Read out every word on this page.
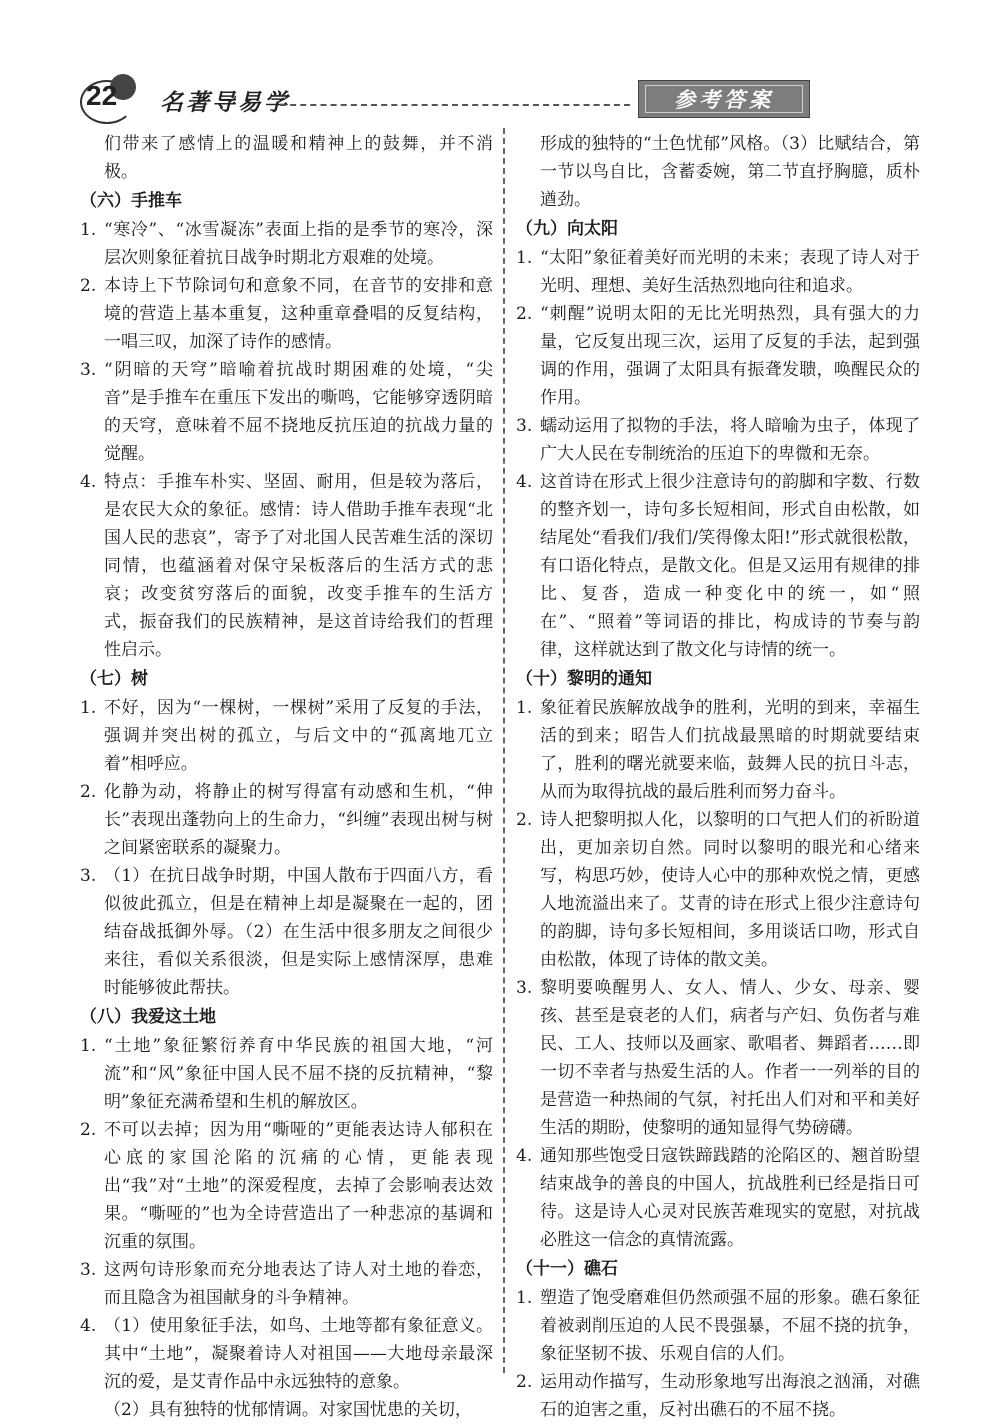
22 名著导易学	参考答案
们带来了感情上的温暖和精神上的鼓舞，并不消极。
（六）手推车
1. “寒冷”、“冰雪凝冻”表面上指的是季节的寒冷，深层次则象征着抗日战争时期北方艰难的处境。
2. 本诗上下节除词句和意象不同，在音节的安排和意境的营造上基本重复，这种重章叠唱的反复结构，一唱三叹，加深了诗作的感情。
3. “阴暗的天穹”暗喻着抗战时期困难的处境，“尖音”是手推车在重压下发出的嘶鸣，它能够穿透阴暗的天穹，意味着不屈不挠地反抗压迫的抗战力量的觉醒。
4. 特点：手推车朴实、坚固、耐用，但是较为落后，是农民大众的象征。感情：诗人借助手推车表现“北国人民的悲哀”，寄予了对北国人民苦难生活的深切同情，也蕴涵着对保守呆板落后的生活方式的悲哀；改变贫穷落后的面貌，改变手推车的生活方式，振奋我们的民族精神，是这首诗给我们的哲理性启示。
（七）树
1. 不好，因为“一棵树，一棵树”采用了反复的手法，强调并突出树的孤立，与后文中的“孤离地兀立着”相呼应。
2. 化静为动，将静止的树写得富有动感和生机，“伸长”表现出蓬勃向上的生命力，“纠缠”表现出树与树之间紧密联系的凝聚力。
3. （1）在抗日战争时期，中国人散布于四面八方，看似彼此孤立，但是在精神上却是凝聚在一起的，团结奋战抵御外辱。（2）在生活中很多朋友之间很少来往，看似关系很淡，但是实际上感情深厚，患难时能够彼此帮扶。
（八）我爱这土地
1. “土地”象征繁衍养育中华民族的祖国大地，“河流”和“风”象征中国人民不屈不挠的反抗精神，“黎明”象征充满希望和生机的解放区。
2. 不可以去掉；因为用“嘶哑的”更能表达诗人郁积在心底的家国沦陷的沉痛的心情，更能表现出“我”对“土地”的深爱程度，去掉了会影响表达效果。“嘶哑的”也为全诗营造出了一种悲凉的基调和沉重的氛围。
3. 这两句诗形象而充分地表达了诗人对土地的眷恋，而且隐含为祖国献身的斗争精神。
4. （1）使用象征手法，如鸟、土地等都有象征意义。其中“土地”，凝聚着诗人对祖国——大地母亲最深沉的爱，是艾青作品中永远独特的意象。
（2）具有独特的忧郁情调。对家国忧患的关切，
形成的独特的“土色忧郁”风格。（3）比赋结合，第一节以鸟自比，含蓄委婉，第二节直抒胸臆，质朴遒劲。
（九）向太阳
1. “太阳”象征着美好而光明的未来；表现了诗人对于光明、理想、美好生活热烈地向往和追求。
2. “刺醒”说明太阳的无比光明热烈，具有强大的力量，它反复出现三次，运用了反复的手法，起到强调的作用，强调了太阳具有振聋发聩，唤醒民众的作用。
3. 蠕动运用了拟物的手法，将人暗喻为虫子，体现了广大人民在专制统治的压迫下的卑微和无奈。
4. 这首诗在形式上很少注意诗句的韵脚和字数、行数的整齐划一，诗句多长短相间，形式自由松散，如结尾处“看我们/我们/笑得像太阳!”形式就很松散，有口语化特点，是散文化。但是又运用有规律的排比、复沓，造成一种变化中的统一，如“照在”、“照着”等词语的排比，构成诗的节奏与韵律，这样就达到了散文化与诗情的统一。
（十）黎明的通知
1. 象征着民族解放战争的胜利，光明的到来，幸福生活的到来；昭告人们抗战最黑暗的时期就要结束了，胜利的曙光就要来临，鼓舞人民的抗日斗志，从而为取得抗战的最后胜利而努力奋斗。
2. 诗人把黎明拟人化，以黎明的口气把人们的祈盼道出，更加亲切自然。同时以黎明的眼光和心绪来写，构思巧妙，使诗人心中的那种欢悦之情，更感人地流溢出来了。艾青的诗在形式上很少注意诗句的韵脚，诗句多长短相间，多用谈话口吻，形式自由松散，体现了诗体的散文美。
3. 黎明要唤醒男人、女人、情人、少女、母亲、婴孩、甚至是衰老的人们，病者与产妇、负伤者与难民、工人、技师以及画家、歌唱者、舞蹈者……即一切不幸者与热爱生活的人。作者一一列举的目的是营造一种热闹的气氛，衬托出人们对和平和美好生活的期盼，使黎明的通知显得气势磅礴。
4. 通知那些饱受日寇铁蹄践踏的沦陷区的、翘首盼望结束战争的善良的中国人，抗战胜利已经是指日可待。这是诗人心灵对民族苦难现实的宽慰，对抗战必胜这一信念的真情流露。
（十一）礁石
1. 塑造了饱受磨难但仍然顽强不屈的形象。礁石象征着被剥削压迫的人民不畏强暴，不屈不挠的抗争，象征坚韧不拔、乐观自信的人们。
2. 运用动作描写，生动形象地写出海浪之汹涌，对礁石的迫害之重，反衬出礁石的不屈不挠。
